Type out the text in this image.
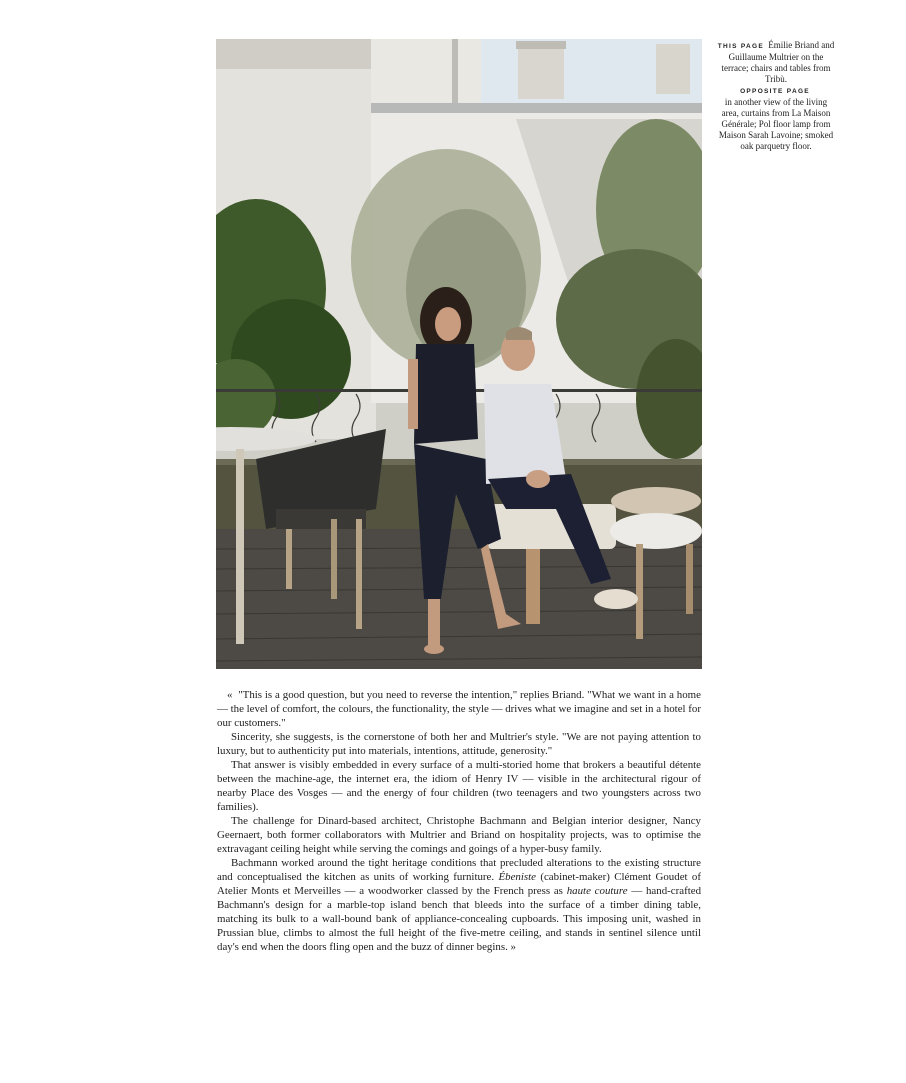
THIS PAGE Émilie Briand and Guillaume Multrier on the terrace; chairs and tables from Tribù.
OPPOSITE PAGE
in another view of the living area, curtains from La Maison Générale; Pol floor lamp from Maison Sarah Lavoine; smoked oak parquetry floor.

« "This is a good question, but you need to reverse the intention," replies Briand. "What we want in a home — the level of comfort, the colours, the functionality, the style — drives what we imagine and set in a hotel for our customers."

Sincerity, she suggests, is the cornerstone of both her and Multrier's style. "We are not paying attention to luxury, but to authenticity put into materials, intentions, attitude, generosity."

That answer is visibly embedded in every surface of a multi-storied home that brokers a beautiful détente between the machine-age, the internet era, the idiom of Henry IV — visible in the architectural rigour of nearby Place des Vosges — and the energy of four children (two teenagers and two youngsters across two families).

The challenge for Dinard-based architect, Christophe Bachmann and Belgian interior designer, Nancy Geernaert, both former collaborators with Multrier and Briand on hospitality projects, was to optimise the extravagant ceiling height while serving the comings and goings of a hyper-busy family.

Bachmann worked around the tight heritage conditions that precluded alterations to the existing structure and conceptualised the kitchen as units of working furniture. Ébeniste (cabinet-maker) Clément Goudet of Atelier Monts et Merveilles — a woodworker classed by the French press as haute couture — hand-crafted Bachmann's design for a marble-top island bench that bleeds into the surface of a timber dining table, matching its bulk to a wall-bound bank of appliance-concealing cupboards. This imposing unit, washed in Prussian blue, climbs to almost the full height of the five-metre ceiling, and stands in sentinel silence until day's end when the doors fling open and the buzz of dinner begins. »
